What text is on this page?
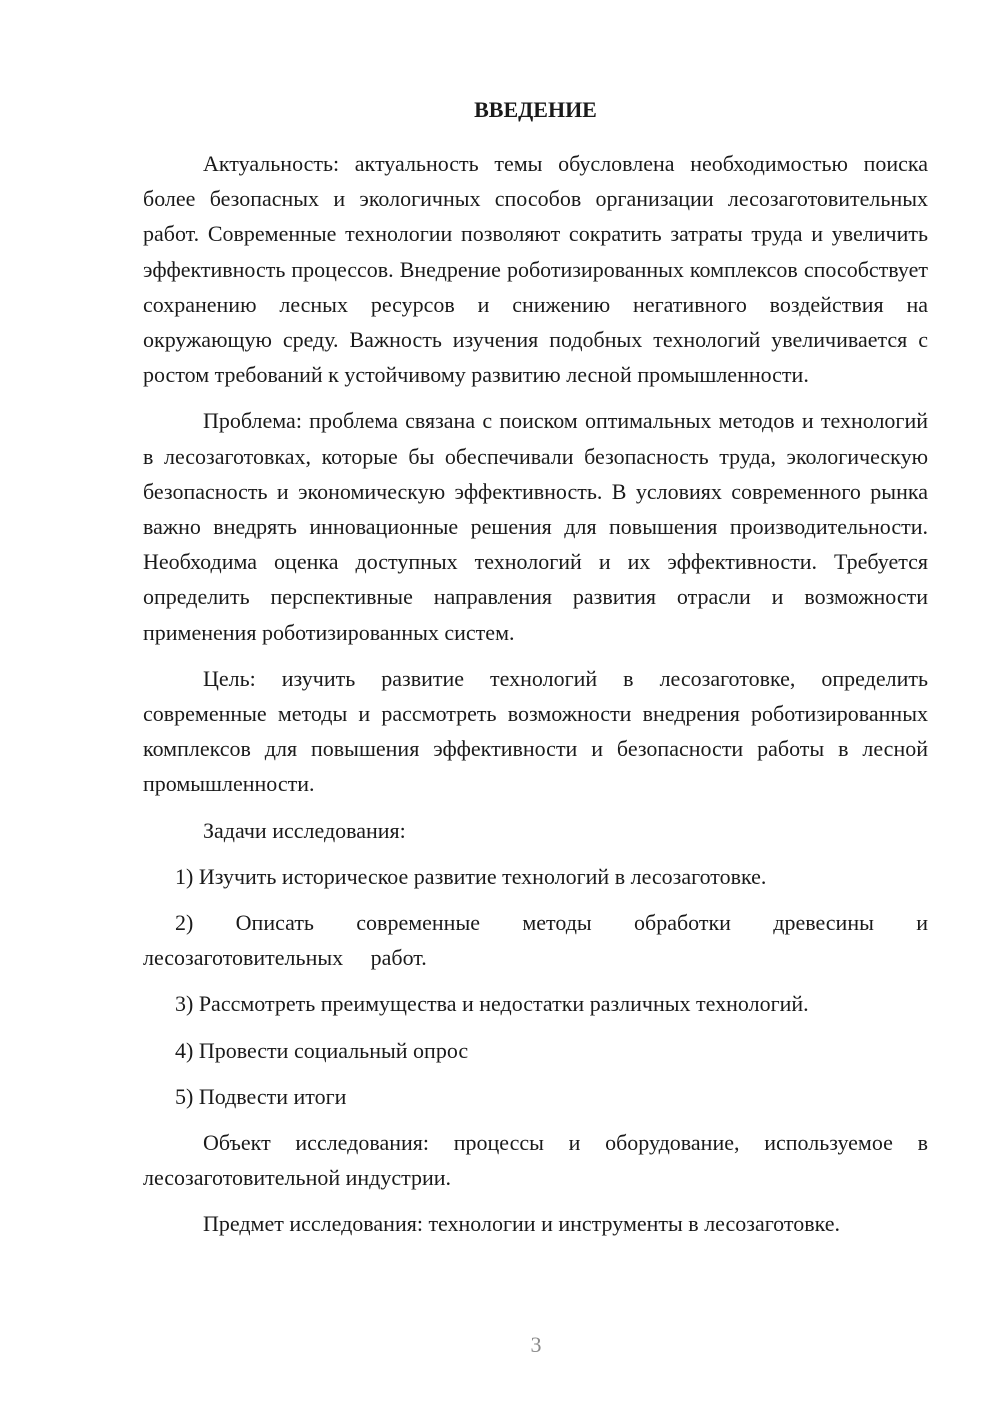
ВВЕДЕНИЕ

Актуальность: актуальность темы обусловлена необходимостью поиска более безопасных и экологичных способов организации лесозаготовительных работ. Современные технологии позволяют сократить затраты труда и увеличить эффективность процессов. Внедрение роботизированных комплексов способствует сохранению лесных ресурсов и снижению негативного воздействия на окружающую среду. Важность изучения подобных технологий увеличивается с ростом требований к устойчивому развитию лесной промышленности.

Проблема: проблема связана с поиском оптимальных методов и технологий в лесозаготовках, которые бы обеспечивали безопасность труда, экологическую безопасность и экономическую эффективность. В условиях современного рынка важно внедрять инновационные решения для повышения производительности. Необходима оценка доступных технологий и их эффективности. Требуется определить перспективные направления развития отрасли и возможности применения роботизированных систем.

Цель: изучить развитие технологий в лесозаготовке, определить современные методы и рассмотреть возможности внедрения роботизированных комплексов для повышения эффективности и безопасности работы в лесной промышленности.

Задачи исследования:

1) Изучить историческое развитие технологий в лесозаготовке.

2) Описать современные методы обработки древесины и лесозаготовительных работ.

3) Рассмотреть преимущества и недостатки различных технологий.

4) Провести социальный опрос

5) Подвести итоги

Объект исследования: процессы и оборудование, используемое в лесозаготовительной индустрии.

Предмет исследования: технологии и инструменты в лесозаготовке.

3
